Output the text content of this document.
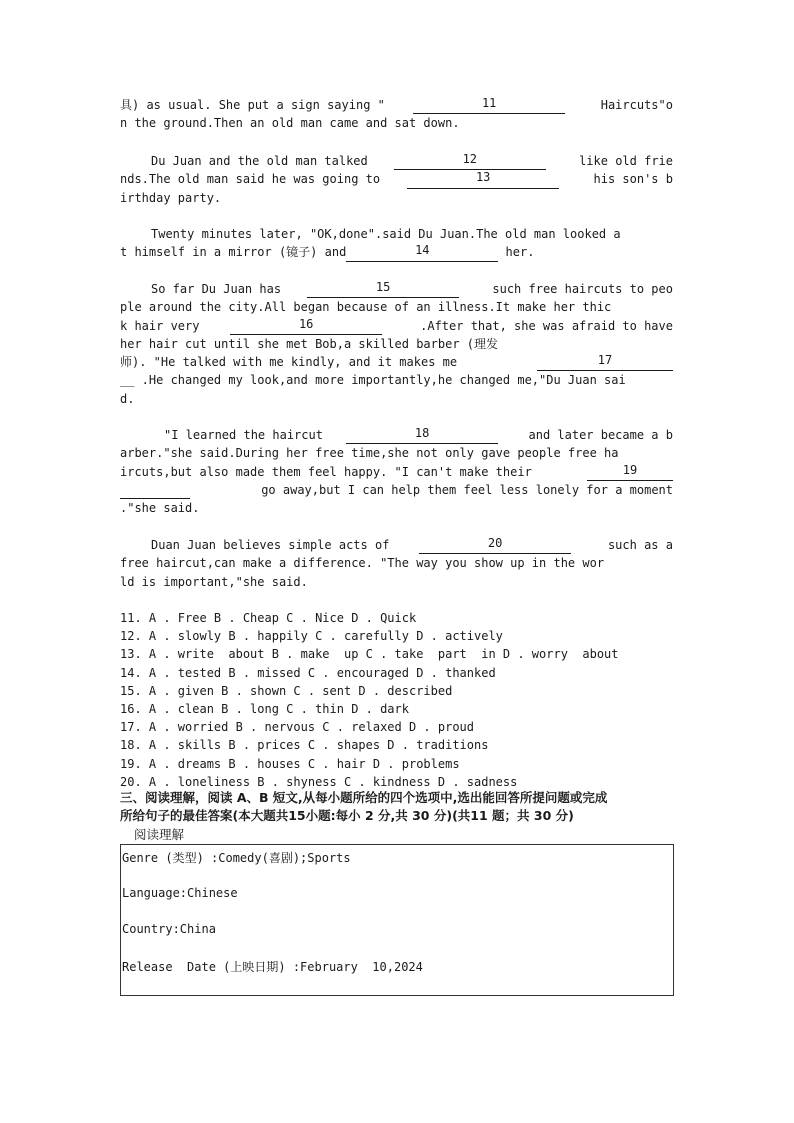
具) as usual. She put a sign saying "	11	Haircuts"o
n the ground.Then an old man came and sat down.
Du Juan and the old man talked	12	like old frie
nds.The old man said he was going to	13	his son's b
irthday party.
Twenty minutes later, "OK,done".said Du Juan.The old man looked a
t himself in a mirror (镜子) and	14	her.
So far Du Juan has	15	such free haircuts to peo
ple around the city.All began because of an illness.It make her thic
k hair very	16	.After that, she was afraid to have
her hair cut until she met Bob,a skilled barber (理发
师). "He talked with me kindly, and it makes me	17
__ .He changed my look,and more importantly,he changed me,"Du Juan sai
d.
"I learned the haircut	18	and later became a b
arber."she said.During her free time,she not only gave people free ha
ircuts,but also made them feel happy. "I can't make their	19
go away,but I can help them feel less lonely for a moment
."she said.
Duan Juan believes simple acts of	20	such as a
free haircut,can make a difference. "The way you show up in the wor
ld is important,"she said.
11. A . Free B . Cheap C . Nice D . Quick
12. A . slowly B . happily C . carefully D . actively
13. A . write  about B . make  up C . take  part  in D . worry  about
14. A . tested B . missed C . encouraged D . thanked
15. A . given B . shown C . sent D . described
16. A . clean B . long C . thin D . dark
17. A . worried B . nervous C . relaxed D . proud
18. A . skills B . prices C . shapes D . traditions
19. A . dreams B . houses C . hair D . problems
20. A . loneliness B . shyness C . kindness D . sadness
三、阅读理解，阅读 A、B 短文,从每小题所给的四个选项中,选出能回答所提问题或完成
所给句子的最佳答案(本大题共15小题:每小 2 分,共 30 分)(共11 题；共 30 分)
阅读理解
Genre (类型) :Comedy(喜剧);Sports
Language:Chinese
Country:China
Release  Date (上映日期) :February  10,2024
